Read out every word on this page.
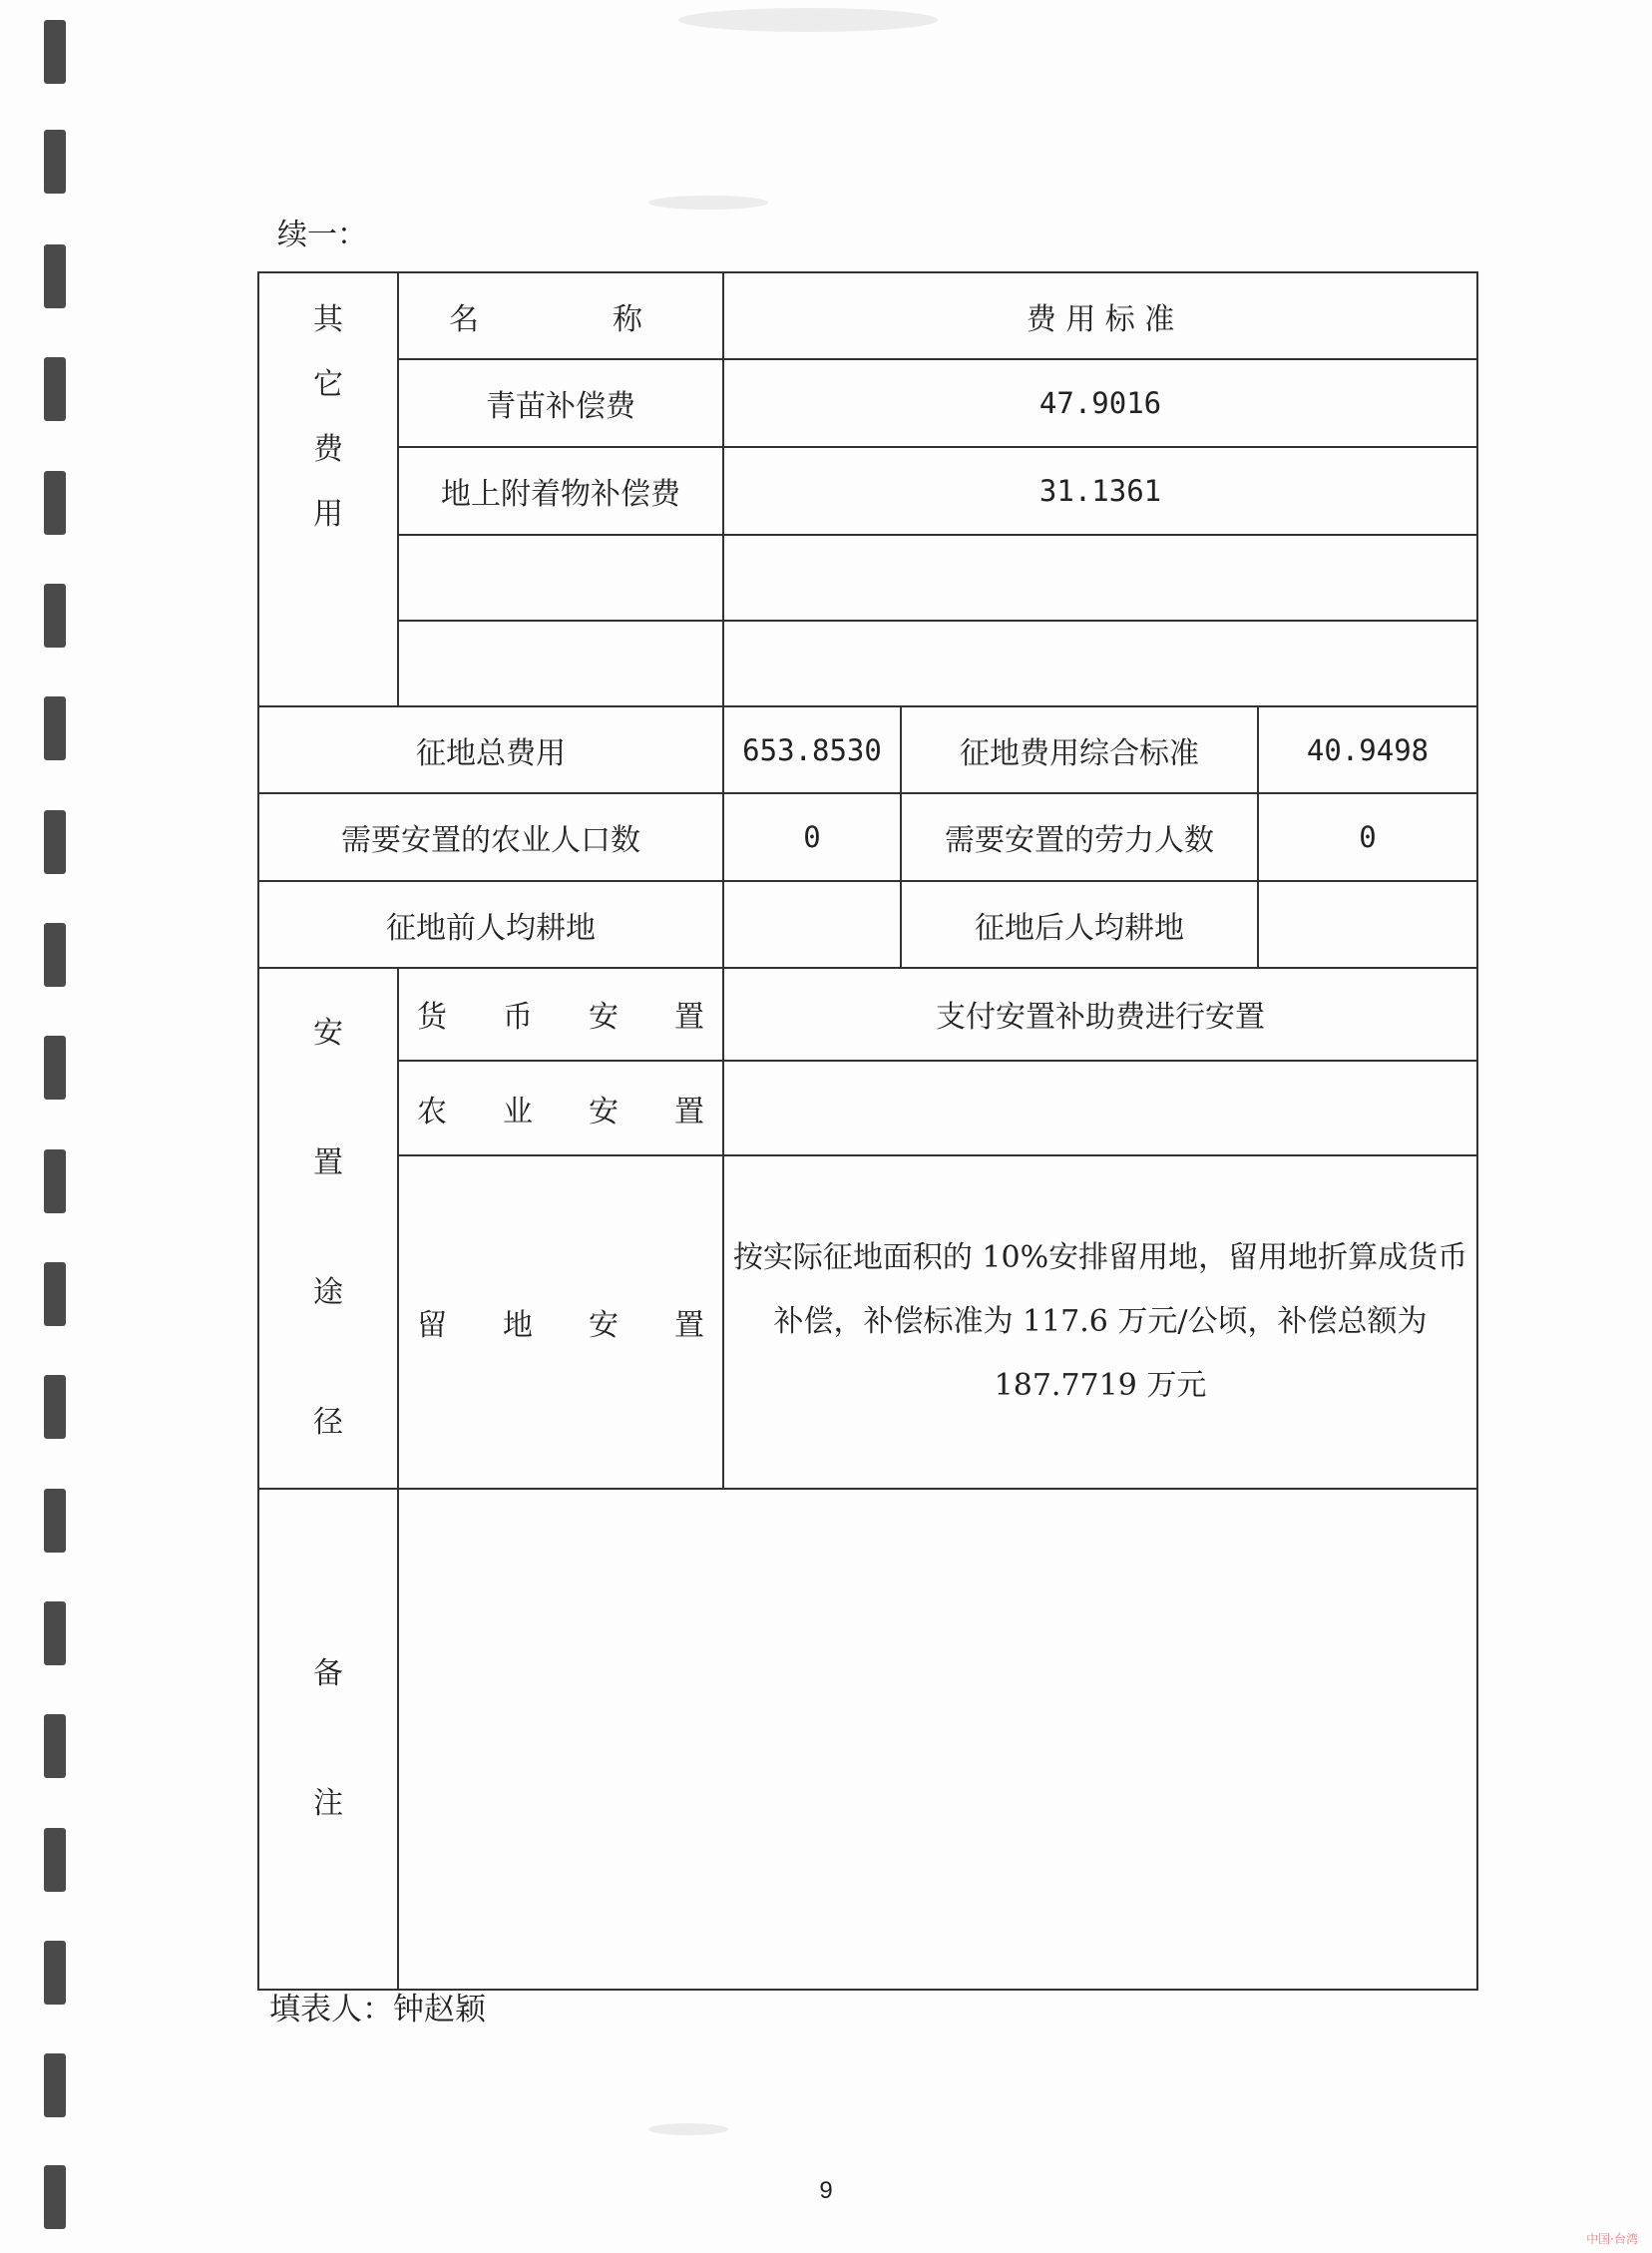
续一：
其
它
费
用	名 称	费 用 标 准		
	青苗补偿费	47.9016		
	地上附着物补偿费	31.1361		

征地总费用		653.8530	征地费用综合标准	40.9498
需要安置的农业人口数		0	需要安置的劳力人数	0
征地前人均耕地			征地后人均耕地	

安
置
途
径	货 币 安 置	支付安置补助费进行安置		

	农 业 安 置			

	留 地 安 置	按实际征地面积的 10%安排留用地，留用地折算成货币补偿，补偿标准为 117.6 万元/公顷，补偿总额为 187.7719 万元		

备
注				

填表人：钟赵颖
9
中国·台湾
